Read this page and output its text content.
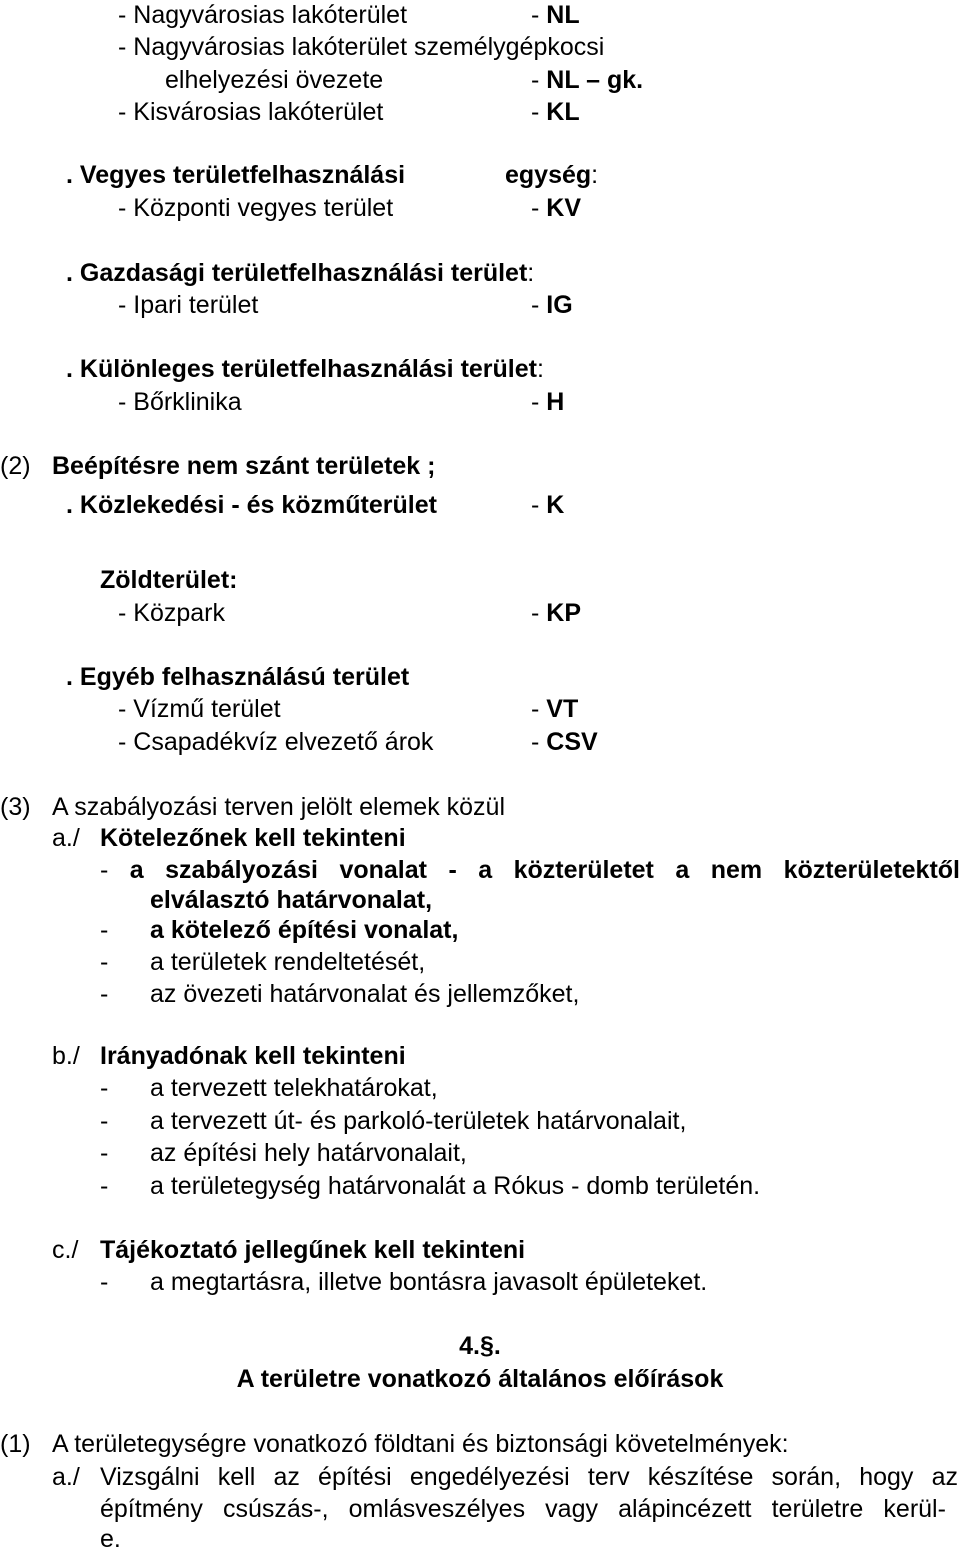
- Nagyvárosias lakóterület	- NL
- Nagyvárosias lakóterület személygépkocsi
elhelyezési övezete	- NL – gk.
- Kisvárosias lakóterület	- KL
. Vegyes területfelhasználási	egység:
- Központi vegyes terület	- KV
. Gazdasági területfelhasználási terület:
- Ipari terület	- IG
. Különleges területfelhasználási terület:
- Bőrklinika	- H
(2) Beépítésre nem szánt területek ;
. Közlekedési - és közműterület	- K
Zöldterület:
- Közpark	- KP
. Egyéb felhasználású terület
- Vízmű terület	- VT
- Csapadékvíz elvezető árok	- CSV
(3) A szabályozási terven jelölt elemek közül
a./ Kötelezőnek kell tekinteni
- a szabályozási vonalat - a közterületet a nem közterületektől
elválasztó határvonalat,
- a kötelező építési vonalat,
- a területek rendeltetését,
- az övezeti határvonalat és jellemzőket,
b./ Irányadónak kell tekinteni
- a tervezett telekhatárokat,
- a tervezett út- és parkoló-területek határvonalait,
- az építési hely határvonalait,
- a területegység határvonalát a Rókus - domb területén.
c./ Tájékoztató jellegűnek kell tekinteni
- a megtartásra, illetve bontásra javasolt épületeket.
4.§.
A területre vonatkozó általános előírások
(1) A területegységre vonatkozó földtani és biztonsági követelmények:
a./ Vizsgálni kell az építési engedélyezési terv készítése során, hogy az
építmény csúszás-, omlásveszélyes vagy alápincézett területre kerül-
e.
